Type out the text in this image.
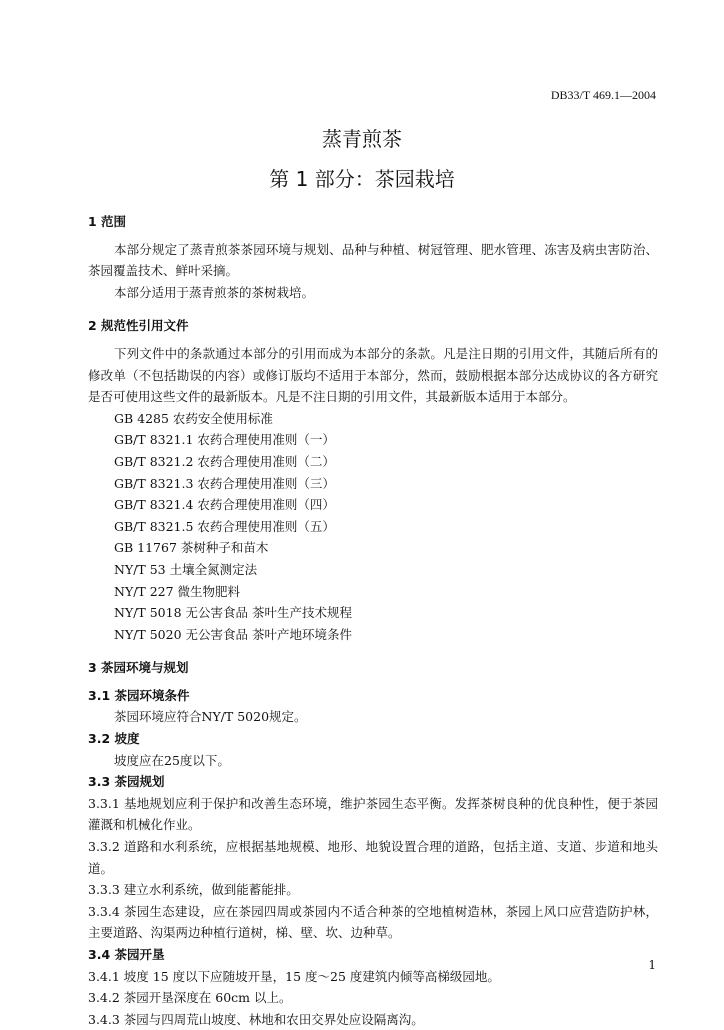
DB33/T 469.1—2004
蒸青煎茶
第 1 部分：茶园栽培

1 范围

本部分规定了蒸青煎茶茶园环境与规划、品种与种植、树冠管理、肥水管理、冻害及病虫害防治、茶园覆盖技术、鲜叶采摘。

本部分适用于蒸青煎茶的茶树栽培。

2 规范性引用文件

下列文件中的条款通过本部分的引用而成为本部分的条款。凡是注日期的引用文件，其随后所有的修改单（不包括勘误的内容）或修订版均不适用于本部分，然而，鼓励根据本部分达成协议的各方研究是否可使用这些文件的最新版本。凡是不注日期的引用文件，其最新版本适用于本部分。

GB 4285 农药安全使用标准

GB/T 8321.1 农药合理使用准则（一）

GB/T 8321.2 农药合理使用准则（二）

GB/T 8321.3 农药合理使用准则（三）

GB/T 8321.4 农药合理使用准则（四）

GB/T 8321.5 农药合理使用准则（五）

GB 11767 茶树种子和苗木

NY/T 53 土壤全氮测定法

NY/T 227 微生物肥料

NY/T 5018 无公害食品 茶叶生产技术规程

NY/T 5020 无公害食品 茶叶产地环境条件

3 茶园环境与规划

3.1 茶园环境条件

茶园环境应符合NY/T 5020规定。

3.2 坡度

坡度应在25度以下。

3.3 茶园规划

3.3.1 基地规划应利于保护和改善生态环境，维护茶园生态平衡。发挥茶树良种的优良种性，便于茶园灌溉和机械化作业。

3.3.2 道路和水利系统，应根据基地规模、地形、地貌设置合理的道路，包括主道、支道、步道和地头道。

3.3.3 建立水利系统，做到能蓄能排。

3.3.4 茶园生态建设，应在茶园四周或茶园内不适合种茶的空地植树造林，茶园上风口应营造防护林，主要道路、沟渠两边种植行道树，梯、壁、坎、边种草。

3.4 茶园开垦

3.4.1 坡度 15 度以下应随坡开垦，15 度～25 度建筑内倾等高梯级园地。

3.4.2 茶园开垦深度在 60cm 以上。

3.4.3 茶园与四周荒山坡度、林地和农田交界处应设隔离沟。

1
